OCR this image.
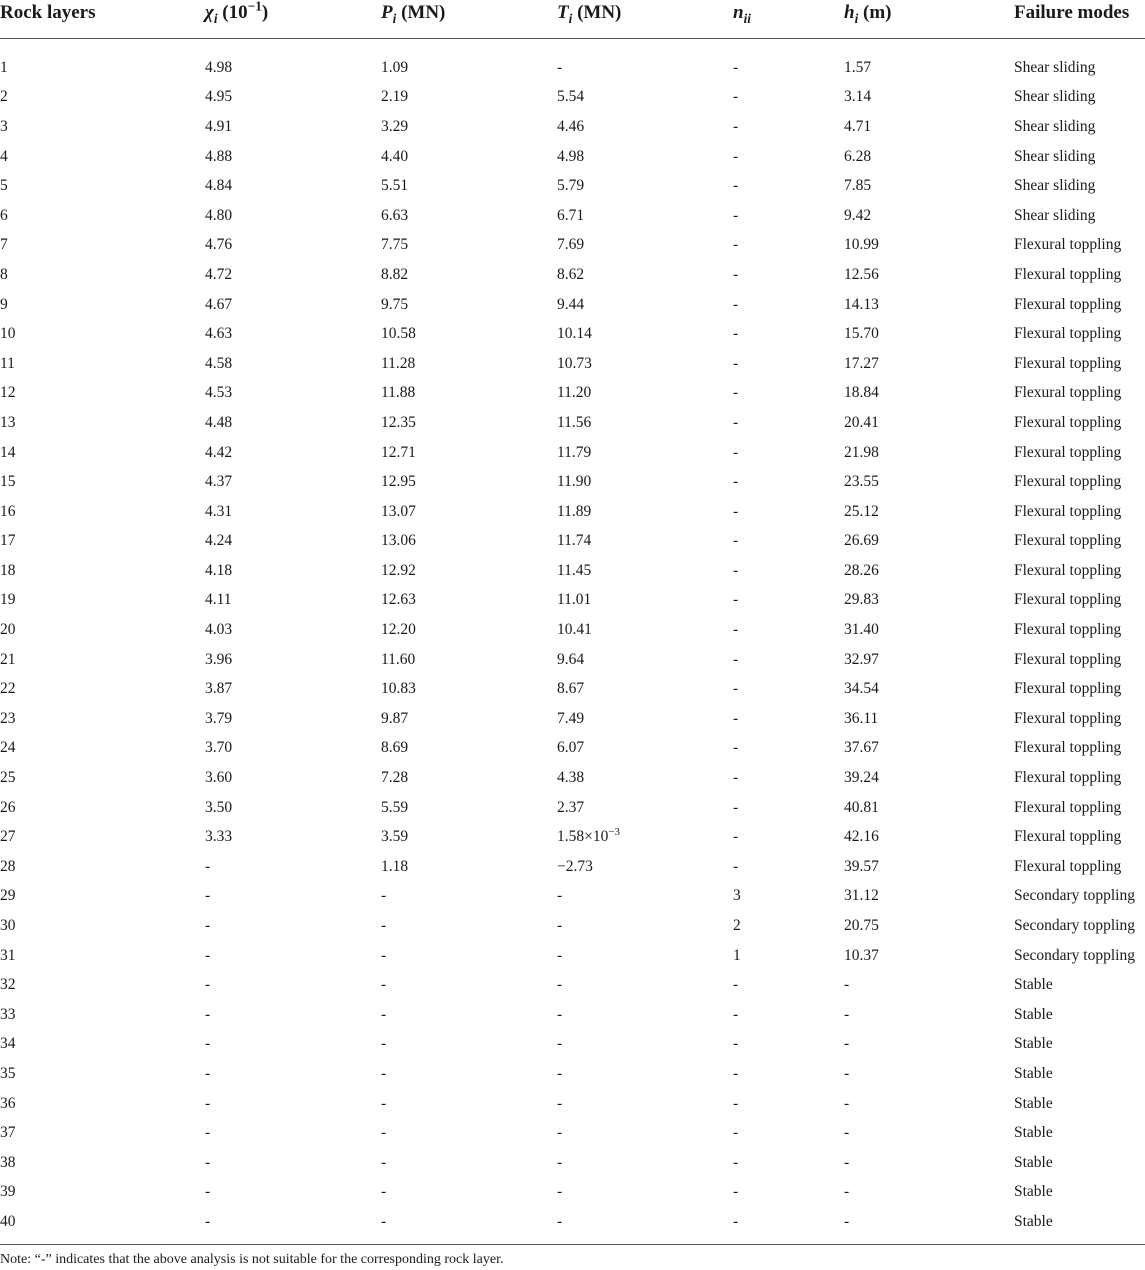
Rock layers	$\chi_i$ $(10^{-1})$	$P_i$ (MN)	$T_i$ (MN)	$n_{ii}$	$h_i$ (m)	Failure modes
1	4.98	1.09	-	-	1.57	Shear sliding
2	4.95	2.19	5.54	-	3.14	Shear sliding
3	4.91	3.29	4.46	-	4.71	Shear sliding
4	4.88	4.40	4.98	-	6.28	Shear sliding
5	4.84	5.51	5.79	-	7.85	Shear sliding
6	4.80	6.63	6.71	-	9.42	Shear sliding
7	4.76	7.75	7.69	-	10.99	Flexural toppling
8	4.72	8.82	8.62	-	12.56	Flexural toppling
9	4.67	9.75	9.44	-	14.13	Flexural toppling
10	4.63	10.58	10.14	-	15.70	Flexural toppling
11	4.58	11.28	10.73	-	17.27	Flexural toppling
12	4.53	11.88	11.20	-	18.84	Flexural toppling
13	4.48	12.35	11.56	-	20.41	Flexural toppling
14	4.42	12.71	11.79	-	21.98	Flexural toppling
15	4.37	12.95	11.90	-	23.55	Flexural toppling
16	4.31	13.07	11.89	-	25.12	Flexural toppling
17	4.24	13.06	11.74	-	26.69	Flexural toppling
18	4.18	12.92	11.45	-	28.26	Flexural toppling
19	4.11	12.63	11.01	-	29.83	Flexural toppling
20	4.03	12.20	10.41	-	31.40	Flexural toppling
21	3.96	11.60	9.64	-	32.97	Flexural toppling
22	3.87	10.83	8.67	-	34.54	Flexural toppling
23	3.79	9.87	7.49	-	36.11	Flexural toppling
24	3.70	8.69	6.07	-	37.67	Flexural toppling
25	3.60	7.28	4.38	-	39.24	Flexural toppling
26	3.50	5.59	2.37	-	40.81	Flexural toppling
27	3.33	3.59	$1.58\times 10^{-3}$	-	42.16	Flexural toppling
28	-	1.18	−2.73	-	39.57	Flexural toppling
29	-	-	-	3	31.12	Secondary toppling
30	-	-	-	2	20.75	Secondary toppling
31	-	-	-	1	10.37	Secondary toppling
32	-	-	-	-	-	Stable
33	-	-	-	-	-	Stable
34	-	-	-	-	-	Stable
35	-	-	-	-	-	Stable
36	-	-	-	-	-	Stable
37	-	-	-	-	-	Stable
38	-	-	-	-	-	Stable
39	-	-	-	-	-	Stable
40	-	-	-	-	-	Stable
Note: “-” indicates that the above analysis is not suitable for the corresponding rock layer.
